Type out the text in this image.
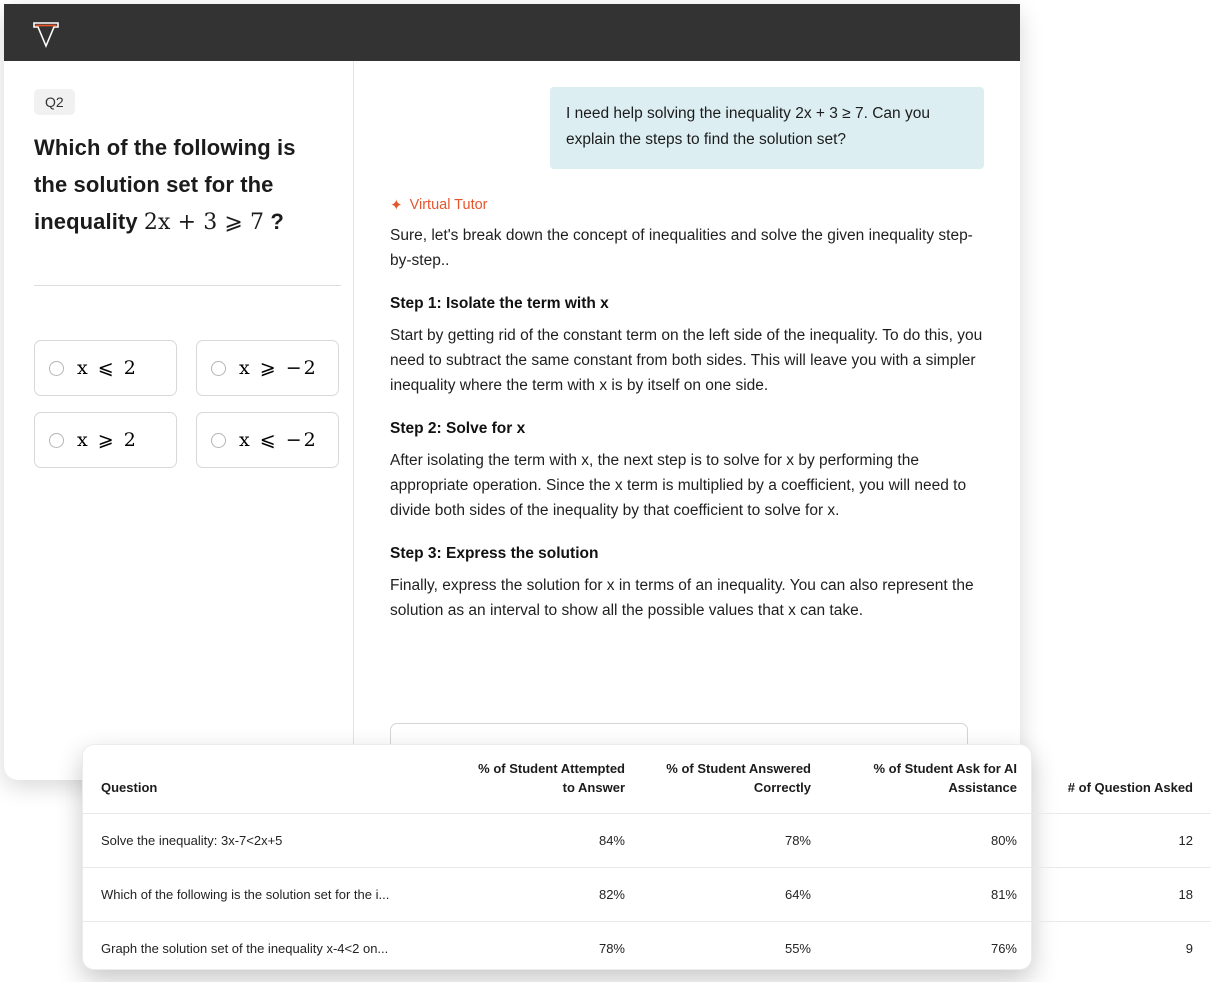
Q2
Which of the following is
the solution set for the
inequality 2x + 3 ⩾ 7 ?
x ⩽ 2	x ⩾ −2
x ⩾ 2	x ⩽ −2
I need help solving the inequality 2x + 3 ≥ 7. Can you explain the steps to find the solution set?
✦ Virtual Tutor

Sure, let's break down the concept of inequalities and solve the given inequality step-by-step..

Step 1: Isolate the term with x

Start by getting rid of the constant term on the left side of the inequality. To do this, you need to subtract the same constant from both sides. This will leave you with a simpler inequality where the term with x is by itself on one side.

Step 2: Solve for x

After isolating the term with x, the next step is to solve for x by performing the appropriate operation. Since the x term is multiplied by a coefficient, you will need to divide both sides of the inequality by that coefficient to solve for x.

Step 3: Express the solution

Finally, express the solution for x in terms of an inequality. You can also represent the solution as an interval to show all the possible values that x can take.

Ask virtual tutor
Question	% of Student Attempted to Answer	% of Student Answered Correctly	% of Student Ask for AI Assistance	# of Question Asked
Solve the inequality: 3x-7<2x+5	84%	78%	80%	12
Which of the following is the solution set for the i...	82%	64%	81%	18
Graph the solution set of the inequality x-4<2 on...	78%	55%	76%	9
